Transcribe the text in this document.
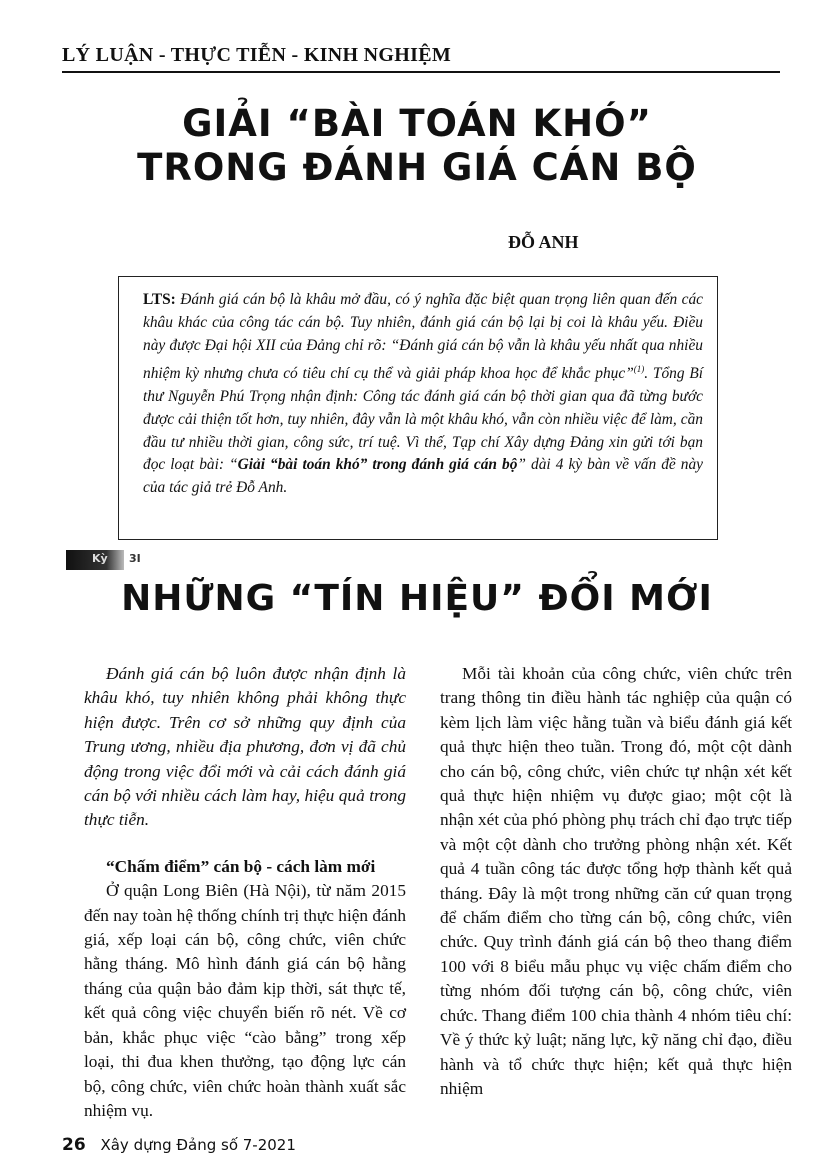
LÝ LUẬN - THỰC TIỄN - KINH NGHIỆM
GIẢI “BÀI TOÁN KHÓ”
TRONG ĐÁNH GIÁ CÁN BỘ
ĐỖ ANH
LTS: Đánh giá cán bộ là khâu mở đầu, có ý nghĩa đặc biệt quan trọng liên quan đến các khâu khác của công tác cán bộ. Tuy nhiên, đánh giá cán bộ lại bị coi là khâu yếu. Điều này được Đại hội XII của Đảng chỉ rõ: “Đánh giá cán bộ vẫn là khâu yếu nhất qua nhiều nhiệm kỳ nhưng chưa có tiêu chí cụ thể và giải pháp khoa học để khắc phục”$^{(1)}$. Tổng Bí thư Nguyễn Phú Trọng nhận định: Công tác đánh giá cán bộ thời gian qua đã từng bước được cải thiện tốt hơn, tuy nhiên, đây vẫn là một khâu khó, vẫn còn nhiều việc để làm, cần đầu tư nhiều thời gian, công sức, trí tuệ. Vì thế, Tạp chí Xây dựng Đảng xin gửi tới bạn đọc loạt bài: “Giải “bài toán khó” trong đánh giá cán bộ” dài 4 kỳ bàn về vấn đề này của tác giả trẻ Đỗ Anh.
Kỳ 3I
NHỮNG “TÍN HIỆU” ĐỔI MỚI

Đánh giá cán bộ luôn được nhận định là khâu khó, tuy nhiên không phải không thực hiện được. Trên cơ sở những quy định của Trung ương, nhiều địa phương, đơn vị đã chủ động trong việc đổi mới và cải cách đánh giá cán bộ với nhiều cách làm hay, hiệu quả trong thực tiễn.

“Chấm điểm” cán bộ - cách làm mới

Ở quận Long Biên (Hà Nội), từ năm 2015 đến nay toàn hệ thống chính trị thực hiện đánh giá, xếp loại cán bộ, công chức, viên chức hằng tháng. Mô hình đánh giá cán bộ hằng tháng của quận bảo đảm kịp thời, sát thực tế, kết quả công việc chuyển biến rõ nét. Về cơ bản, khắc phục việc “cào bằng” trong xếp loại, thi đua khen thưởng, tạo động lực cán bộ, công chức, viên chức hoàn thành xuất sắc nhiệm vụ.

Mỗi tài khoản của công chức, viên chức trên trang thông tin điều hành tác nghiệp của quận có kèm lịch làm việc hằng tuần và biểu đánh giá kết quả thực hiện theo tuần. Trong đó, một cột dành cho cán bộ, công chức, viên chức tự nhận xét kết quả thực hiện nhiệm vụ được giao; một cột là nhận xét của phó phòng phụ trách chỉ đạo trực tiếp và một cột dành cho trưởng phòng nhận xét. Kết quả 4 tuần công tác được tổng hợp thành kết quả tháng. Đây là một trong những căn cứ quan trọng để chấm điểm cho từng cán bộ, công chức, viên chức. Quy trình đánh giá cán bộ theo thang điểm 100 với 8 biểu mẫu phục vụ việc chấm điểm cho từng nhóm đối tượng cán bộ, công chức, viên chức. Thang điểm 100 chia thành 4 nhóm tiêu chí: Về ý thức kỷ luật; năng lực, kỹ năng chỉ đạo, điều hành và tổ chức thực hiện; kết quả thực hiện nhiệm

26 Xây dựng Đảng số 7-2021
